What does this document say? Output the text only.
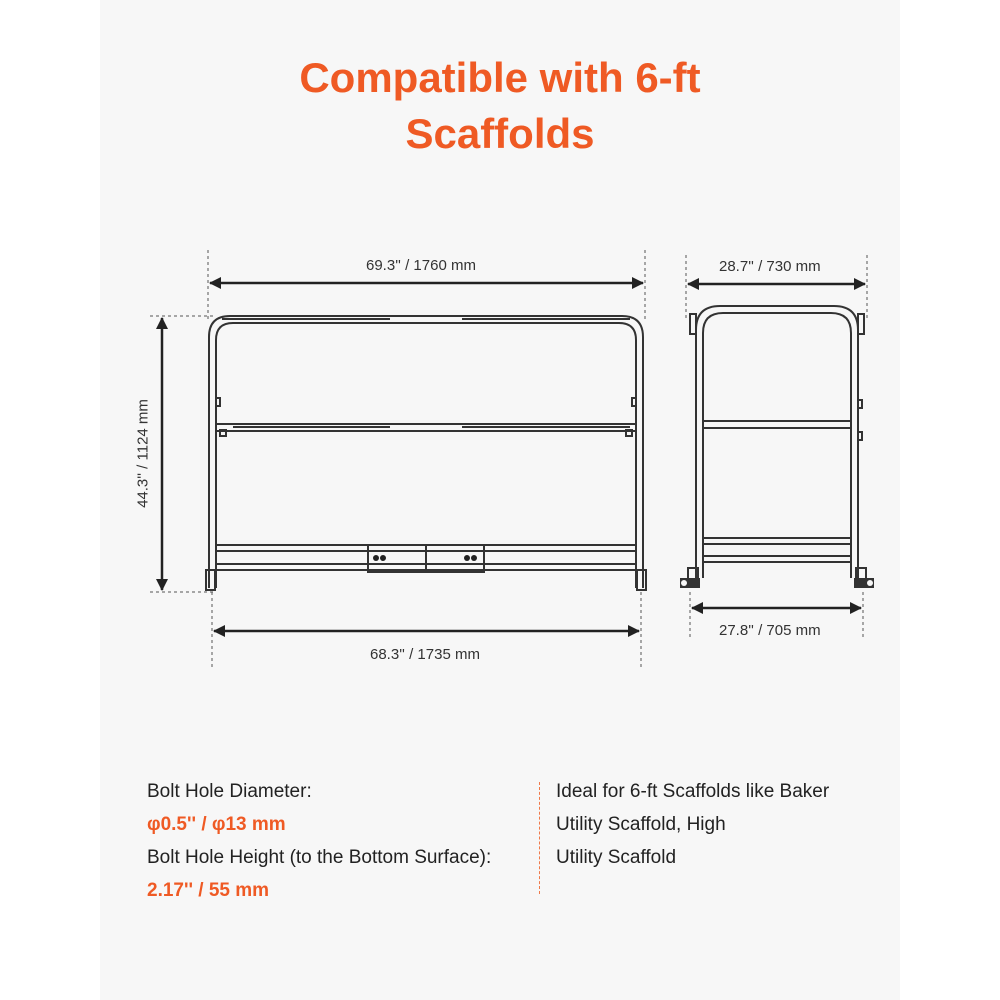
Compatible with 6-ft
Scaffolds
69.3'' / 1760 mm
68.3'' / 1735 mm
44.3'' / 1124 mm
28.7'' / 730 mm
27.8'' / 705 mm
Bolt Hole Diameter:
φ0.5'' / φ13 mm
Bolt Hole Height (to the Bottom Surface):
2.17'' / 55 mm
Ideal for 6-ft Scaffolds like Baker
Utility Scaffold, High
Utility Scaffold
